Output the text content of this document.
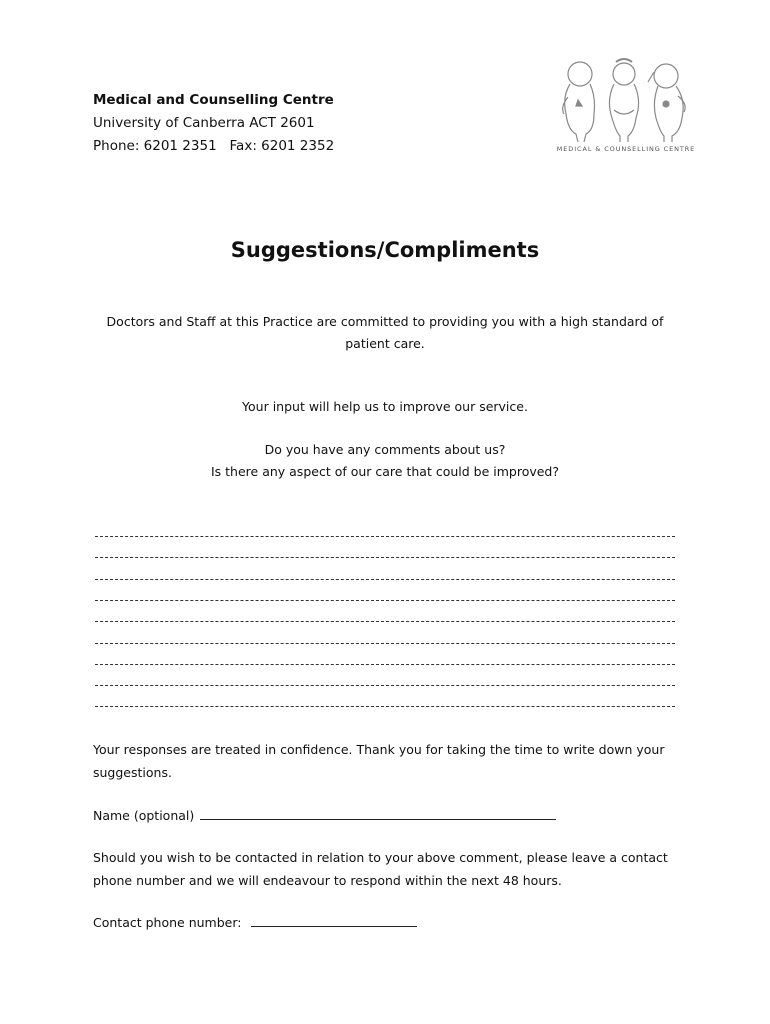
Medical and Counselling Centre
University of Canberra ACT 2601
Phone: 6201 2351   Fax: 6201 2352	MEDICAL & COUNSELLING CENTRE
Suggestions/Compliments
Doctors and Staff at this Practice are committed to providing you with a high standard of patient care.
Your input will help us to improve our service.
Do you have any comments about us?
Is there any aspect of our care that could be improved?
Your responses are treated in confidence. Thank you for taking the time to write down your suggestions.
Name (optional)
Should you wish to be contacted in relation to your above comment, please leave a contact phone number and we will endeavour to respond within the next 48 hours.
Contact phone number:
